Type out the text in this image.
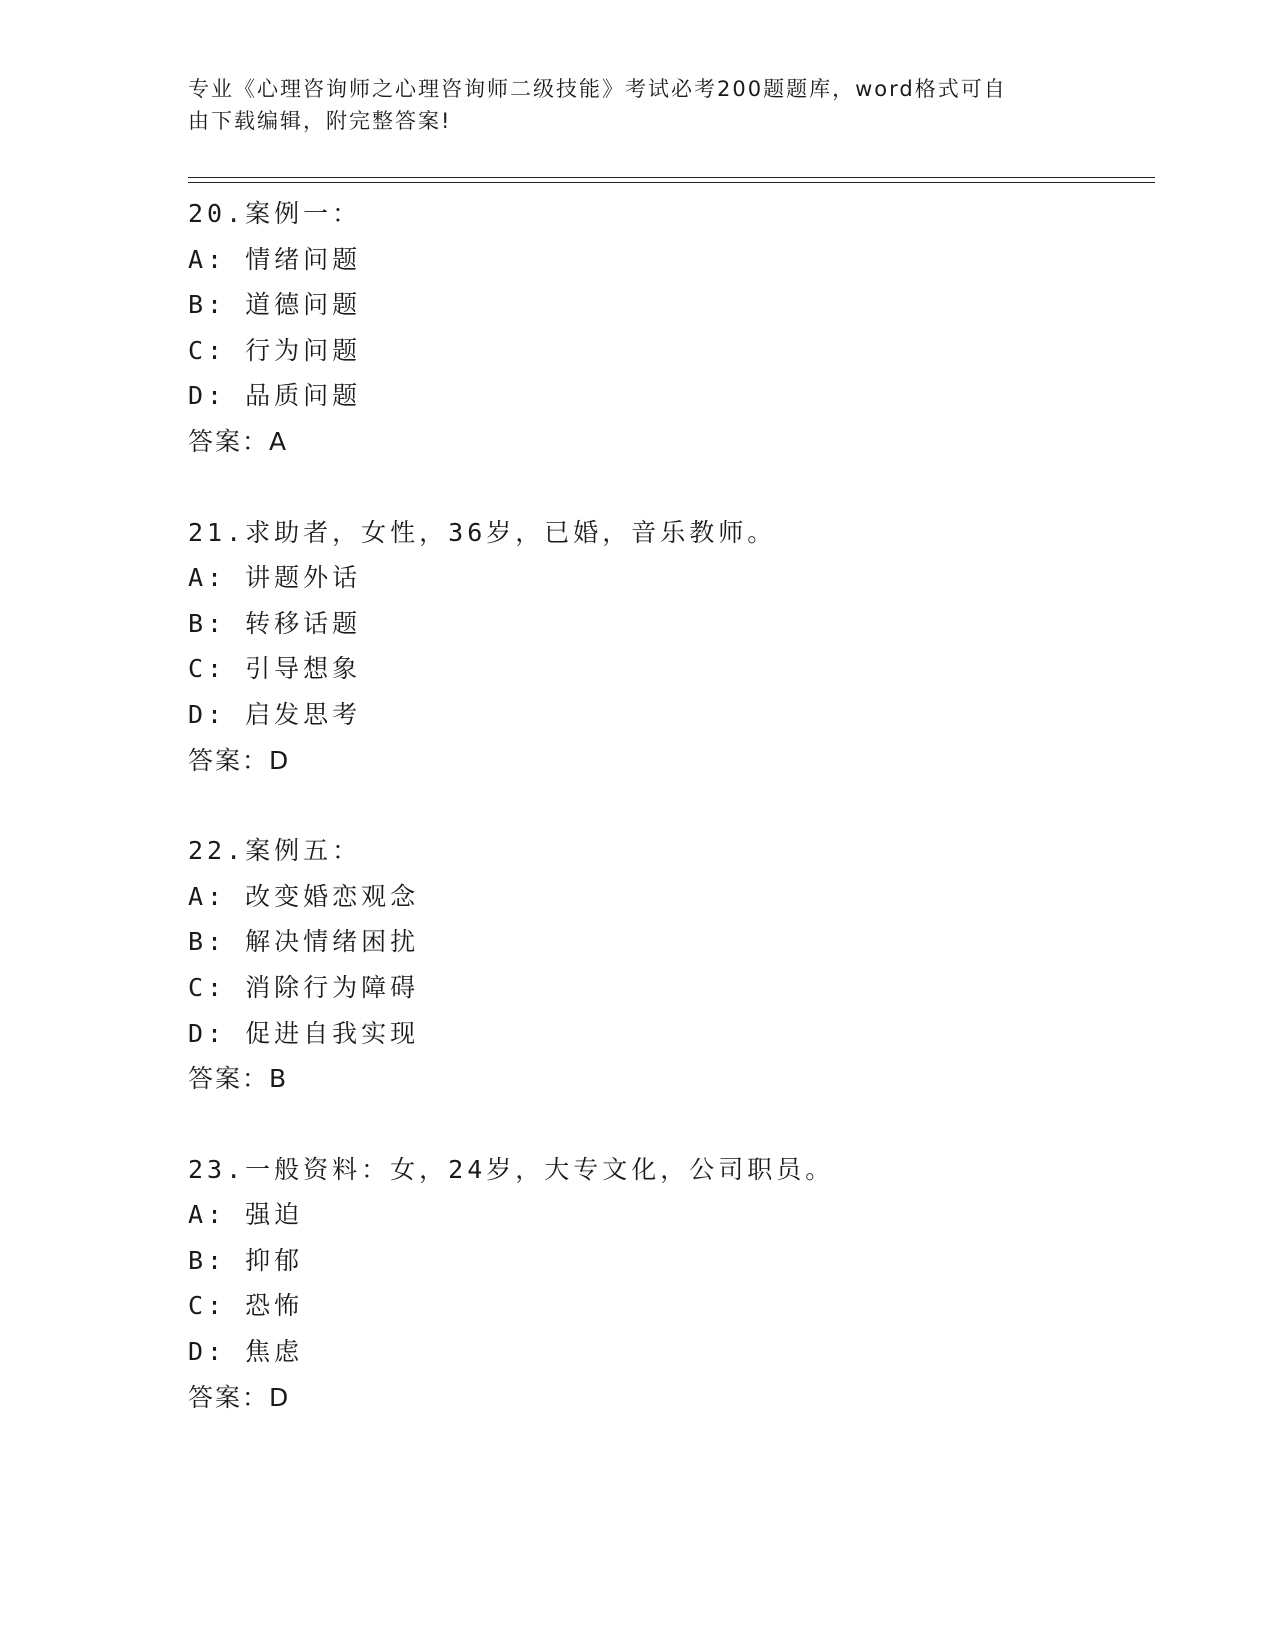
专业《心理咨询师之心理咨询师二级技能》考试必考200题题库，word格式可自
由下载编辑，附完整答案!
20.案例一：
A: 情绪问题
B: 道德问题
C: 行为问题
D: 品质问题
答案：A
21.求助者，女性，36岁，已婚，音乐教师。
A: 讲题外话
B: 转移话题
C: 引导想象
D: 启发思考
答案：D
22.案例五：
A: 改变婚恋观念
B: 解决情绪困扰
C: 消除行为障碍
D: 促进自我实现
答案：B
23.一般资料：女，24岁，大专文化，公司职员。
A: 强迫
B: 抑郁
C: 恐怖
D: 焦虑
答案：D
